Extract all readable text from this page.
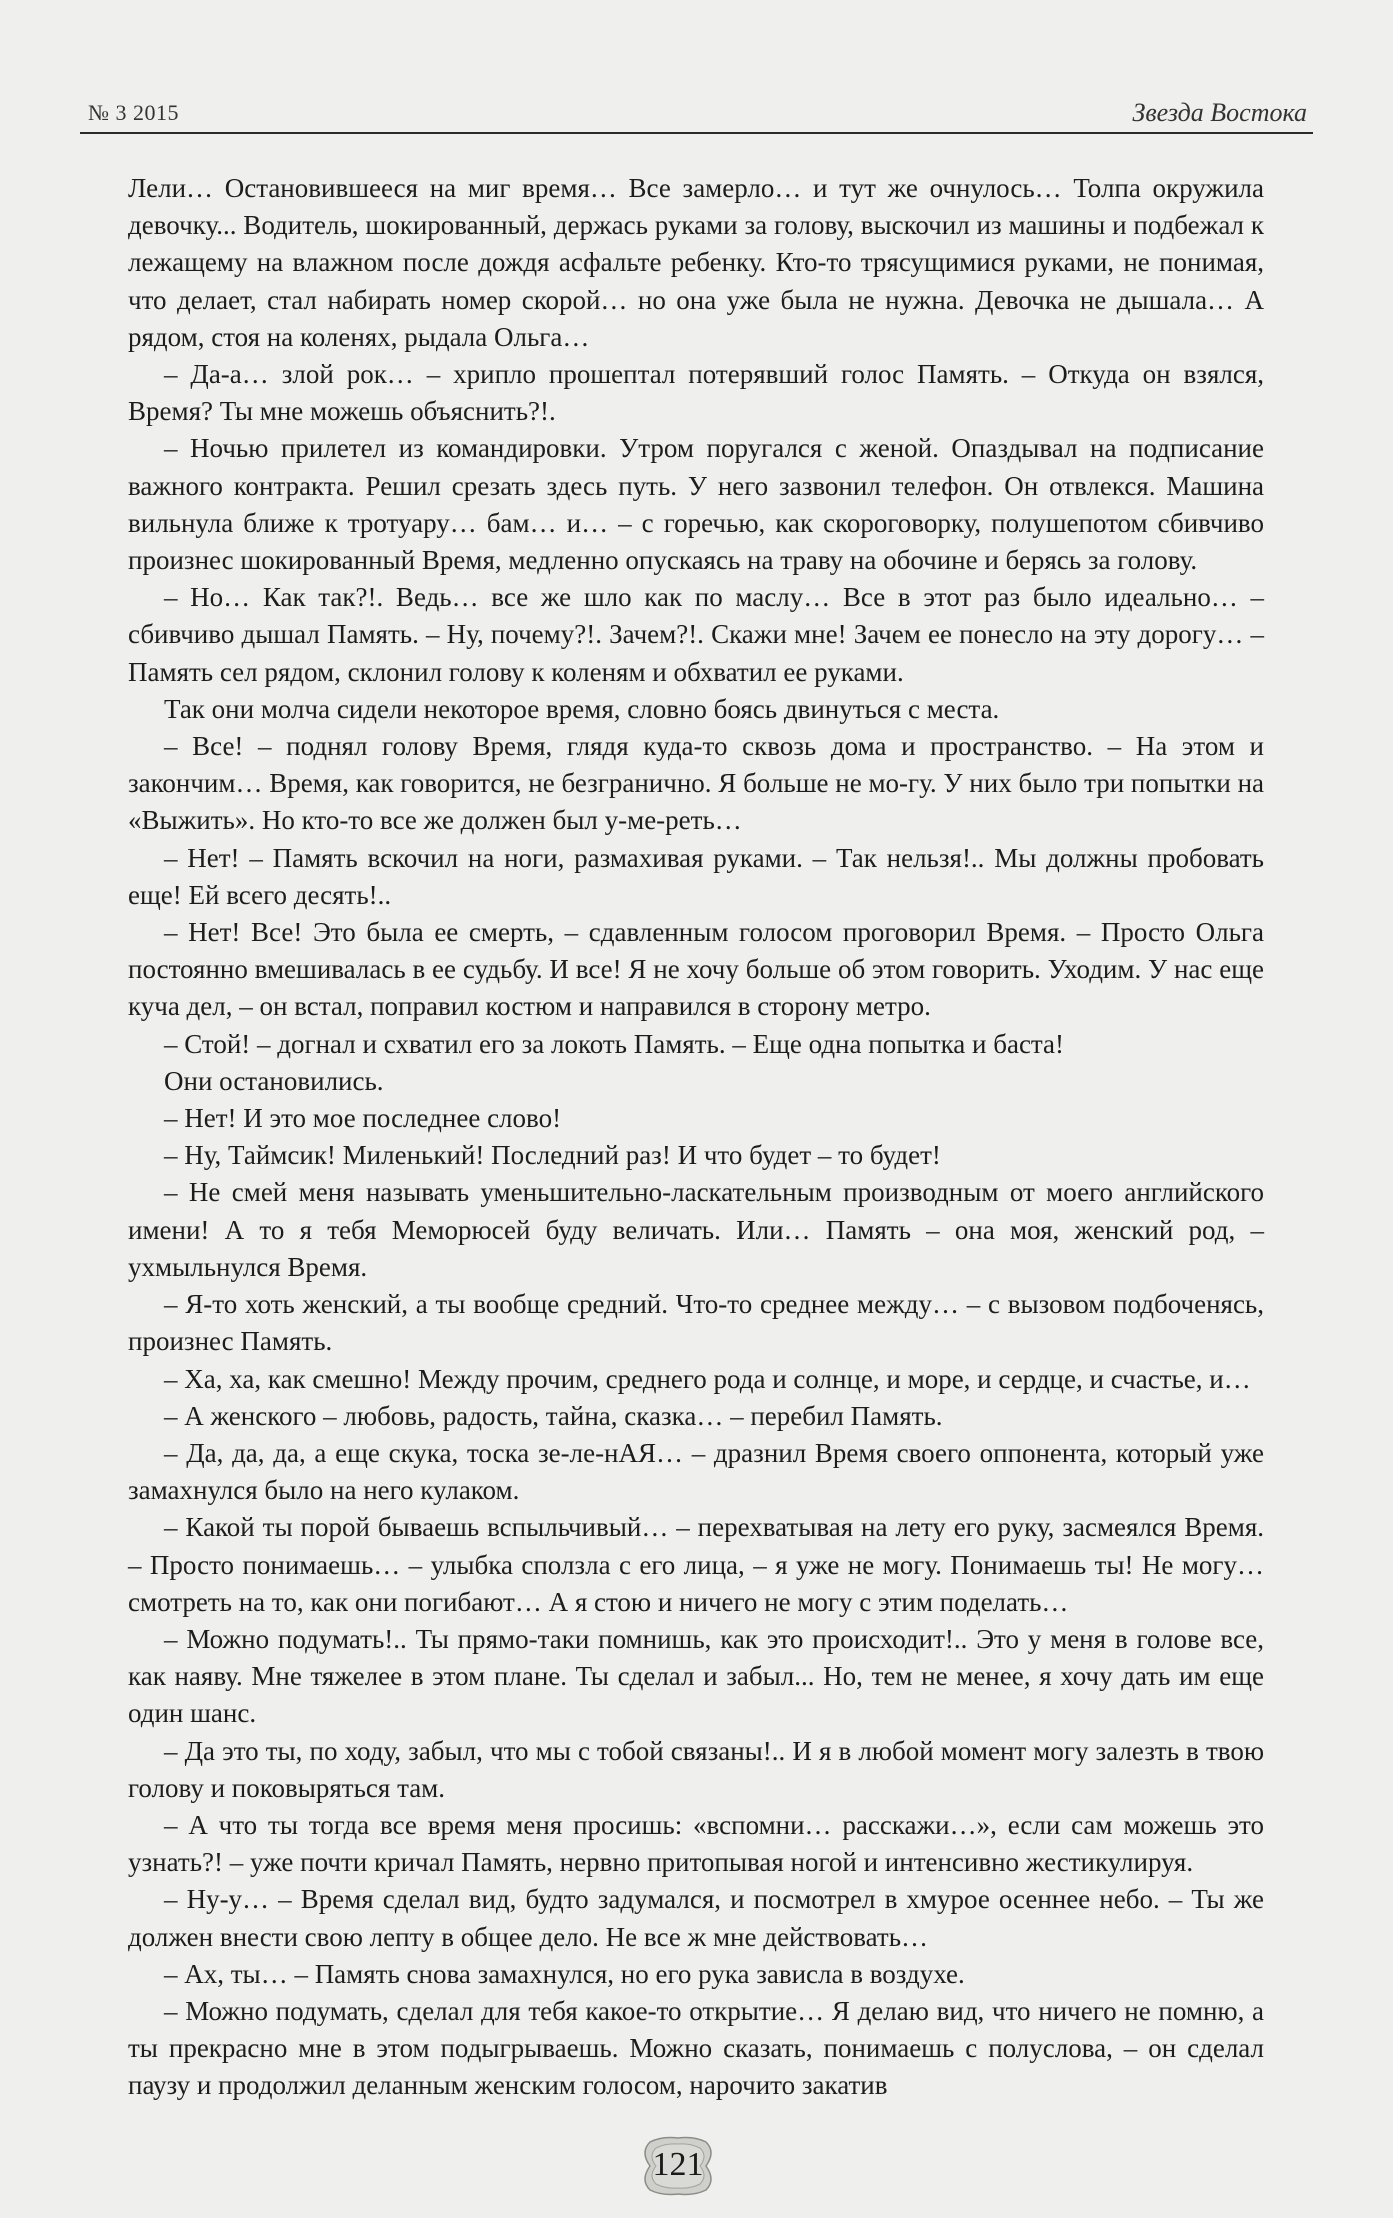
№ 3 2015	Звезда Востока

Лели… Остановившееся на миг время… Все замерло… и тут же очнулось… Толпа окружила девочку... Водитель, шокированный, держась руками за голову, выскочил из машины и подбежал к лежащему на влажном после дождя асфальте ребенку. Кто-то трясущимися руками, не понимая, что делает, стал набирать номер скорой… но она уже была не нужна. Девочка не дышала… А рядом, стоя на коленях, рыдала Ольга…

– Да-а… злой рок… – хрипло прошептал потерявший голос Память. – Откуда он взялся, Время? Ты мне можешь объяснить?!.

– Ночью прилетел из командировки. Утром поругался с женой. Опаздывал на подписание важного контракта. Решил срезать здесь путь. У него зазвонил телефон. Он отвлекся. Машина вильнула ближе к тротуару… бам… и… – с горечью, как скороговорку, полушепотом сбивчиво произнес шокированный Время, медленно опускаясь на траву на обочине и берясь за голову.

– Но… Как так?!. Ведь… все же шло как по маслу… Все в этот раз было идеально… – сбивчиво дышал Память. – Ну, почему?!. Зачем?!. Скажи мне! Зачем ее понесло на эту дорогу… – Память сел рядом, склонил голову к коленям и обхватил ее руками.

Так они молча сидели некоторое время, словно боясь двинуться с места.

– Все! – поднял голову Время, глядя куда-то сквозь дома и пространство. – На этом и закончим… Время, как говорится, не безгранично. Я больше не мо-гу. У них было три попытки на «Выжить». Но кто-то все же должен был у-ме-реть…

– Нет! – Память вскочил на ноги, размахивая руками. – Так нельзя!.. Мы должны пробовать еще! Ей всего десять!..

– Нет! Все! Это была ее смерть, – сдавленным голосом проговорил Время. – Просто Ольга постоянно вмешивалась в ее судьбу. И все! Я не хочу больше об этом говорить. Уходим. У нас еще куча дел, – он встал, поправил костюм и направился в сторону метро.

– Стой! – догнал и схватил его за локоть Память. – Еще одна попытка и баста!

Они остановились.

– Нет! И это мое последнее слово!

– Ну, Таймсик! Миленький! Последний раз! И что будет – то будет!

– Не смей меня называть уменьшительно-ласкательным производным от моего английского имени! А то я тебя Меморюсей буду величать. Или… Память – она моя, женский род, – ухмыльнулся Время.

– Я-то хоть женский, а ты вообще средний. Что-то среднее между… – с вызовом подбоченясь, произнес Память.

– Ха, ха, как смешно! Между прочим, среднего рода и солнце, и море, и сердце, и счастье, и…

– А женского – любовь, радость, тайна, сказка… – перебил Память.

– Да, да, да, а еще скука, тоска зе-ле-нАЯ… – дразнил Время своего оппонента, который уже замахнулся было на него кулаком.

– Какой ты порой бываешь вспыльчивый… – перехватывая на лету его руку, засмеялся Время. – Просто понимаешь… – улыбка сползла с его лица, – я уже не могу. Понимаешь ты! Не могу… смотреть на то, как они погибают… А я стою и ничего не могу с этим поделать…

– Можно подумать!.. Ты прямо-таки помнишь, как это происходит!.. Это у меня в голове все, как наяву. Мне тяжелее в этом плане. Ты сделал и забыл... Но, тем не менее, я хочу дать им еще один шанс.

– Да это ты, по ходу, забыл, что мы с тобой связаны!.. И я в любой момент могу залезть в твою голову и поковыряться там.

– А что ты тогда все время меня просишь: «вспомни… расскажи…», если сам можешь это узнать?! – уже почти кричал Память, нервно притопывая ногой и интенсивно жестикулируя.

– Ну-у… – Время сделал вид, будто задумался, и посмотрел в хмурое осеннее небо. – Ты же должен внести свою лепту в общее дело. Не все ж мне действовать…

– Ах, ты… – Память снова замахнулся, но его рука зависла в воздухе.

– Можно подумать, сделал для тебя какое-то открытие… Я делаю вид, что ничего не помню, а ты прекрасно мне в этом подыгрываешь. Можно сказать, понимаешь с полуслова, – он сделал паузу и продолжил деланным женским голосом, нарочито закатив

121
